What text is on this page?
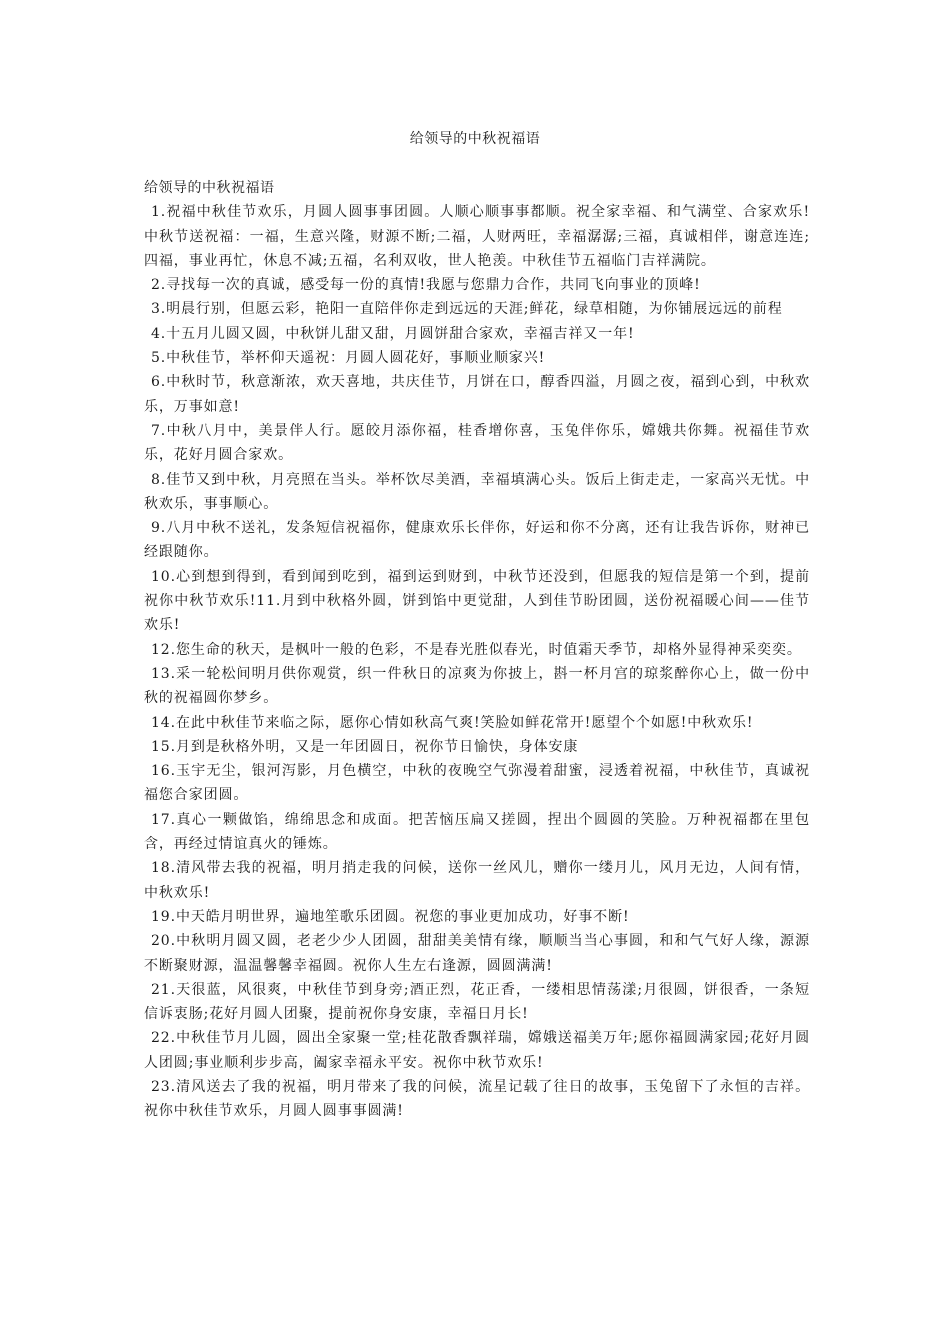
给领导的中秋祝福语

给领导的中秋祝福语

1.祝福中秋佳节欢乐，月圆人圆事事团圆。人顺心顺事事都顺。祝全家幸福、和气满堂、合家欢乐!中秋节送祝福：一福，生意兴隆，财源不断;二福，人财两旺，幸福潺潺;三福，真诚相伴，谢意连连;四福，事业再忙，休息不减;五福，名利双收，世人艳羡。中秋佳节五福临门吉祥满院。

2.寻找每一次的真诚，感受每一份的真情!我愿与您鼎力合作，共同飞向事业的顶峰!

3.明晨行别，但愿云彩，艳阳一直陪伴你走到远远的天涯;鲜花，绿草相随，为你铺展远远的前程

4.十五月儿圆又圆，中秋饼儿甜又甜，月圆饼甜合家欢，幸福吉祥又一年!

5.中秋佳节，举杯仰天遥祝：月圆人圆花好，事顺业顺家兴!

6.中秋时节，秋意渐浓，欢天喜地，共庆佳节，月饼在口，醇香四溢，月圆之夜，福到心到，中秋欢乐，万事如意!

7.中秋八月中，美景伴人行。愿皎月添你福，桂香增你喜，玉兔伴你乐，嫦娥共你舞。祝福佳节欢乐，花好月圆合家欢。

8.佳节又到中秋，月亮照在当头。举杯饮尽美酒，幸福填满心头。饭后上街走走，一家高兴无忧。中秋欢乐，事事顺心。

9.八月中秋不送礼，发条短信祝福你，健康欢乐长伴你，好运和你不分离，还有让我告诉你，财神已经跟随你。

10.心到想到得到，看到闻到吃到，福到运到财到，中秋节还没到，但愿我的短信是第一个到，提前祝你中秋节欢乐!11.月到中秋格外圆，饼到馅中更觉甜，人到佳节盼团圆，送份祝福暖心间——佳节欢乐!

12.您生命的秋天，是枫叶一般的色彩，不是春光胜似春光，时值霜天季节，却格外显得神采奕奕。

13.采一轮松间明月供你观赏，织一件秋日的凉爽为你披上，斟一杯月宫的琼浆醉你心上，做一份中秋的祝福圆你梦乡。

14.在此中秋佳节来临之际，愿你心情如秋高气爽!笑脸如鲜花常开!愿望个个如愿!中秋欢乐!

15.月到是秋格外明，又是一年团圆日，祝你节日愉快，身体安康

16.玉宇无尘，银河泻影，月色横空，中秋的夜晚空气弥漫着甜蜜，浸透着祝福，中秋佳节，真诚祝福您合家团圆。

17.真心一颗做馅，绵绵思念和成面。把苦恼压扁又搓圆，捏出个圆圆的笑脸。万种祝福都在里包含，再经过情谊真火的锤炼。

18.清风带去我的祝福，明月捎走我的问候，送你一丝风儿，赠你一缕月儿，风月无边，人间有情，中秋欢乐!

19.中天皓月明世界，遍地笙歌乐团圆。祝您的事业更加成功，好事不断!

20.中秋明月圆又圆，老老少少人团圆，甜甜美美情有缘，顺顺当当心事圆，和和气气好人缘，源源不断聚财源，温温馨馨幸福圆。祝你人生左右逢源，圆圆满满!

21.天很蓝，风很爽，中秋佳节到身旁;酒正烈，花正香，一缕相思情荡漾;月很圆，饼很香，一条短信诉衷肠;花好月圆人团聚，提前祝你身安康，幸福日月长!

22.中秋佳节月儿圆，圆出全家聚一堂;桂花散香飘祥瑞，嫦娥送福美万年;愿你福圆满家园;花好月圆人团圆;事业顺利步步高，阖家幸福永平安。祝你中秋节欢乐!

23.清风送去了我的祝福，明月带来了我的问候，流星记载了往日的故事，玉兔留下了永恒的吉祥。祝你中秋佳节欢乐，月圆人圆事事圆满!
